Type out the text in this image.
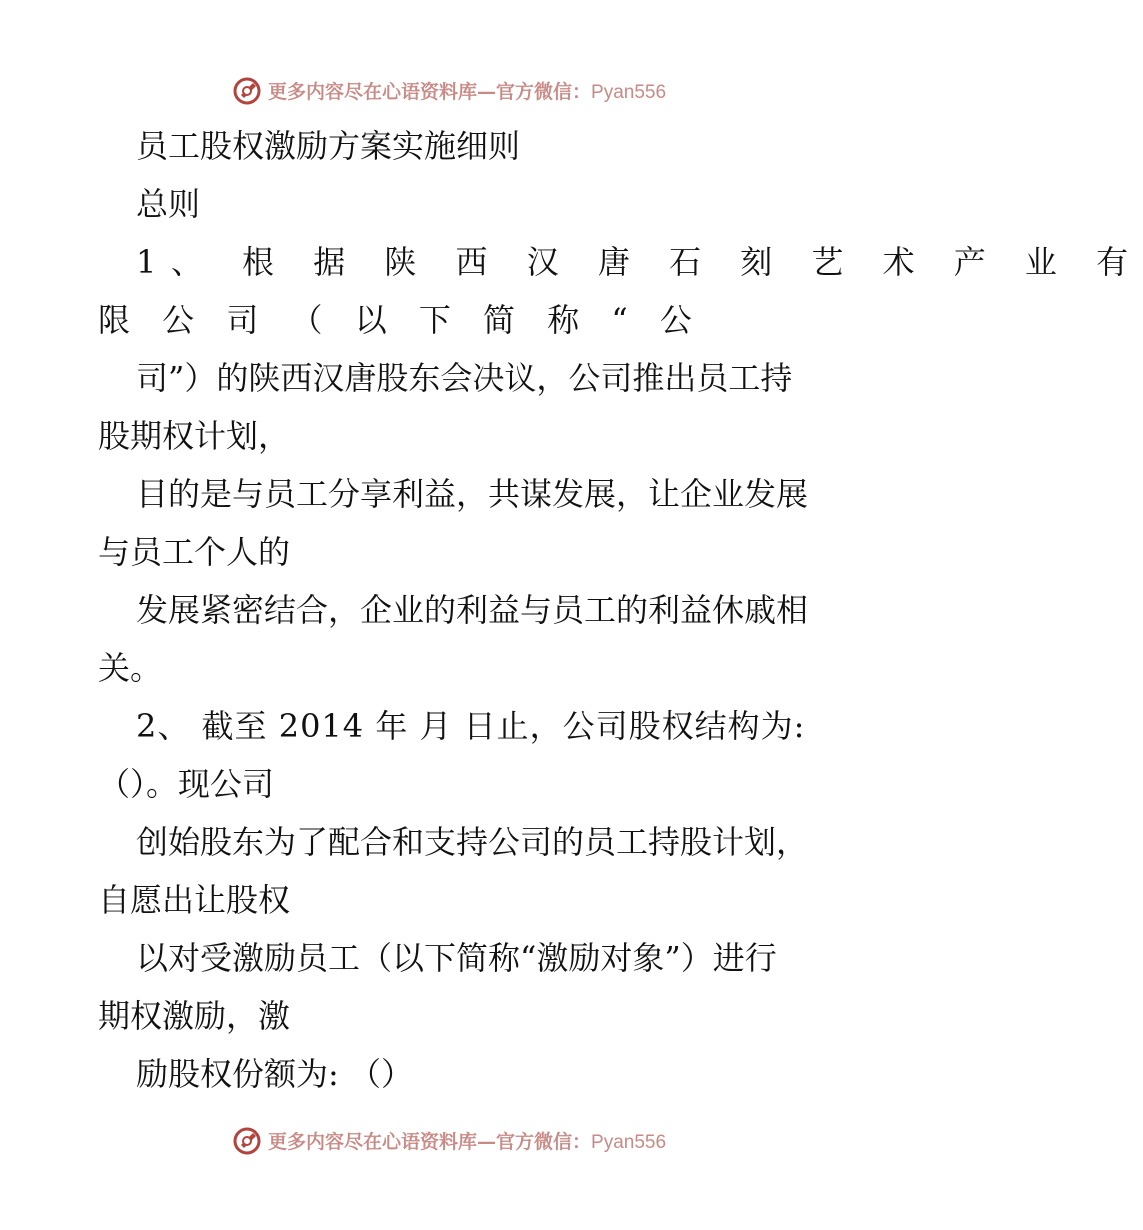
更多内容尽在心语资料库—官方微信：Pyan556
员工股权激励方案实施细则
总则
1、 根 据 陕 西 汉 唐 石 刻 艺 术 产 业 有
限 公 司 （ 以 下 简 称 “ 公
司”）的陕西汉唐股东会决议，公司推出员工持
股期权计划，
目的是与员工分享利益，共谋发展，让企业发展
与员工个人的
发展紧密结合，企业的利益与员工的利益休戚相
关。
2、 截至 2014 年 月 日止，公司股权结构为:
（）。现公司
创始股东为了配合和支持公司的员工持股计划，
自愿出让股权
以对受激励员工（以下简称“激励对象”）进行
期权激励，激
励股权份额为: （）
更多内容尽在心语资料库—官方微信：Pyan556
